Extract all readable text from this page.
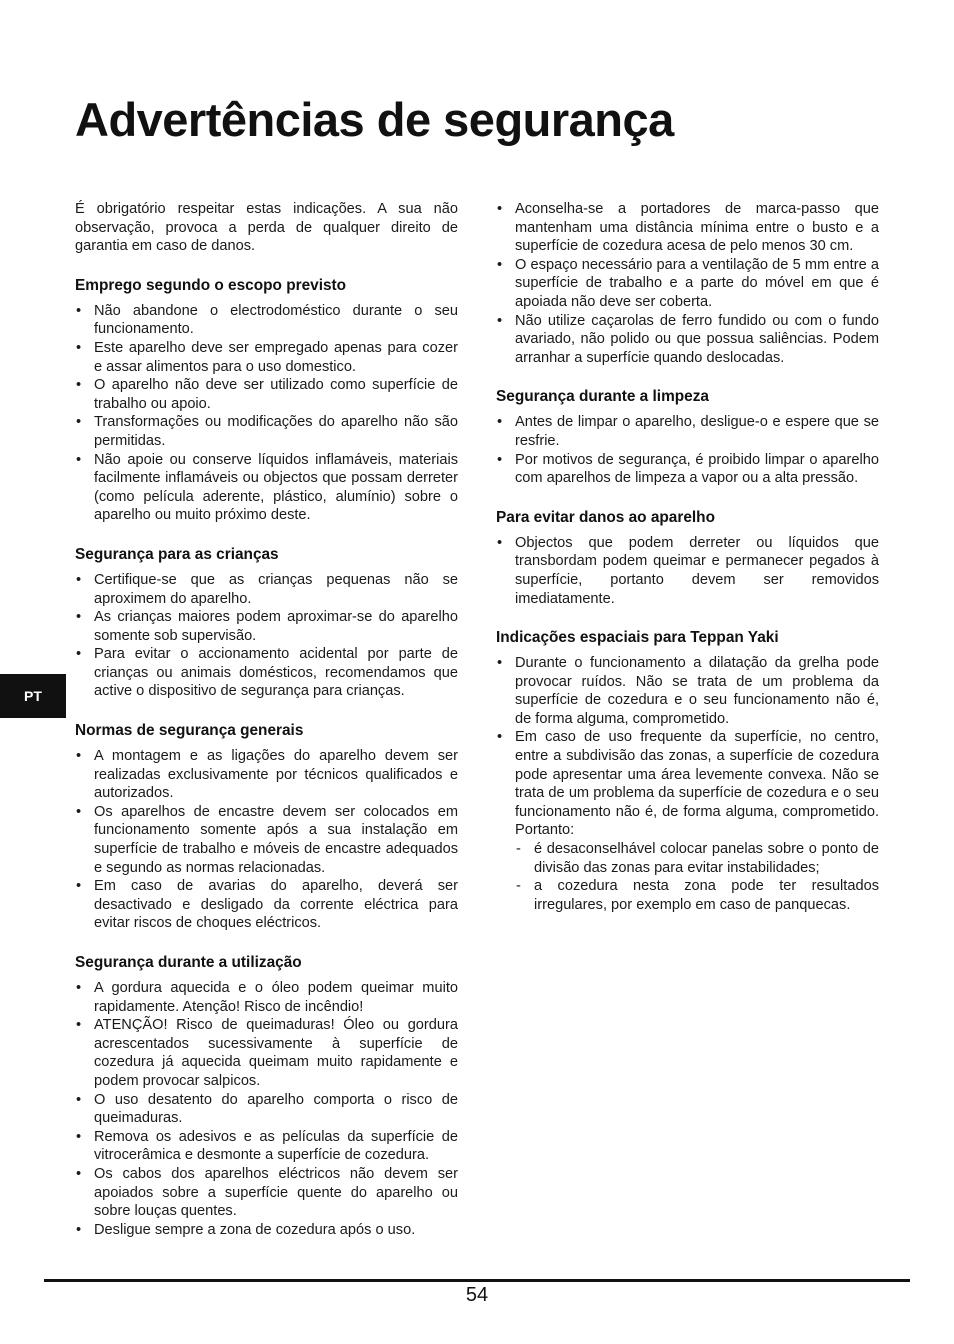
Advertências de segurança

É obrigatório respeitar estas indicações. A sua não observação, provoca a perda de qualquer direito de garantia em caso de danos.

Emprego segundo o escopo previsto
• Não abandone o electrodoméstico durante o seu funcionamento.
• Este aparelho deve ser empregado apenas para cozer e assar alimentos para o uso domestico.
• O aparelho não deve ser utilizado como superfície de trabalho ou apoio.
• Transformações ou modificações do aparelho não são permitidas.
• Não apoie ou conserve líquidos inflamáveis, materiais facilmente inflamáveis ou objectos que possam derreter (como película aderente, plástico, alumínio) sobre o aparelho ou muito próximo deste.
Segurança para as crianças
• Certifique-se que as crianças pequenas não se aproximem do aparelho.
• As crianças maiores podem aproximar-se do aparelho somente sob supervisão.
• Para evitar o accionamento acidental por parte de crianças ou animais domésticos, recomendamos que active o dispositivo de segurança para crianças.
Normas de segurança generais
• A montagem e as ligações do aparelho devem ser realizadas exclusivamente por técnicos qualificados e autorizados.
• Os aparelhos de encastre devem ser colocados em funcionamento somente após a sua instalação em superfície de trabalho e móveis de encastre adequados e segundo as normas relacionadas.
• Em caso de avarias do aparelho, deverá ser desactivado e desligado da corrente eléctrica para evitar riscos de choques eléctricos.
Segurança durante a utilização
• A gordura aquecida e o óleo podem queimar muito rapidamente. Atenção! Risco de incêndio!
• ATENÇÃO! Risco de queimaduras! Óleo ou gordura acrescentados sucessivamente à superfície de cozedura já aquecida queimam muito rapidamente e podem provocar salpicos.
• O uso desatento do aparelho comporta o risco de queimaduras.
• Remova os adesivos e as películas da superfície de vitrocerâmica e desmonte a superfície de cozedura.
• Os cabos dos aparelhos eléctricos não devem ser apoiados sobre a superfície quente do aparelho ou sobre louças quentes.
• Desligue sempre a zona de cozedura após o uso.
• Aconselha-se a portadores de marca-passo que mantenham uma distância mínima entre o busto e a superfície de cozedura acesa de pelo menos 30 cm.
• O espaço necessário para a ventilação de 5 mm entre a superfície de trabalho e a parte do móvel em que é apoiada não deve ser coberta.
• Não utilize caçarolas de ferro fundido ou com o fundo avariado, não polido ou que possua saliências. Podem arranhar a superfície quando deslocadas.
Segurança durante a limpeza
• Antes de limpar o aparelho, desligue-o e espere que se resfrie.
• Por motivos de segurança, é proibido limpar o aparelho com aparelhos de limpeza a vapor ou a alta pressão.
Para evitar danos ao aparelho
• Objectos que podem derreter ou líquidos que transbordam podem queimar e permanecer pegados à superfície, portanto devem ser removidos imediatamente.
Indicações espaciais para Teppan Yaki
• Durante o funcionamento a dilatação da grelha pode provocar ruídos. Não se trata de um problema da superfície de cozedura e o seu funcionamento não é, de forma alguma, comprometido.
• Em caso de uso frequente da superfície, no centro, entre a subdivisão das zonas, a superfície de cozedura pode apresentar uma área levemente convexa. Não se trata de um problema da superfície de cozedura e o seu funcionamento não é, de forma alguma, comprometido. Portanto:
- é desaconselhável colocar panelas sobre o ponto de divisão das zonas para evitar instabilidades;
- a cozedura nesta zona pode ter resultados irregulares, por exemplo em caso de panquecas.
PT
54
